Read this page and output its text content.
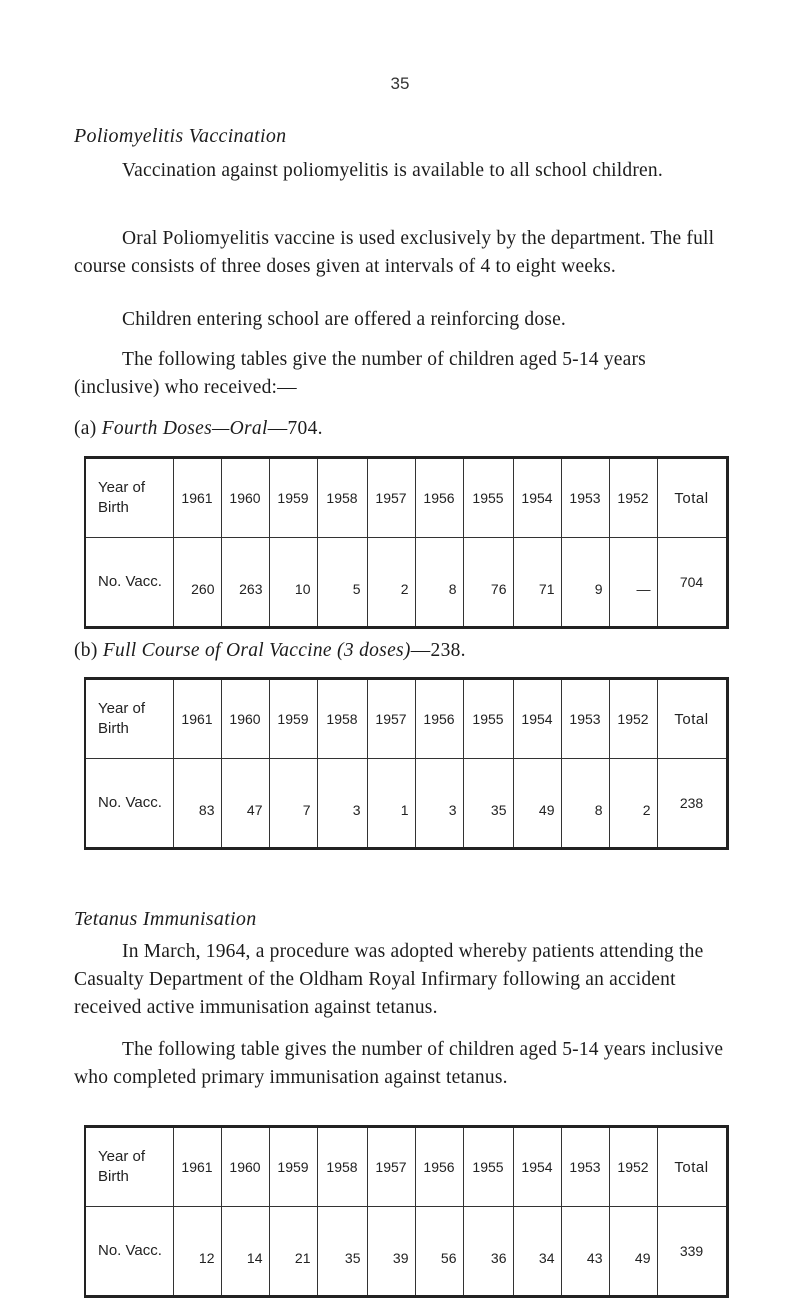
35
Poliomyelitis Vaccination

Vaccination against poliomyelitis is available to all school children.

Oral Poliomyelitis vaccine is used exclusively by the department. The full course consists of three doses given at intervals of 4 to eight weeks.

Children entering school are offered a reinforcing dose.

The following tables give the number of children aged 5-14 years (inclusive) who received:—

(a) Fourth Doses—Oral—704.
Year of Birth	1961	1960	1959	1958	1957	1956	1955	1954	1953	1952	Total
No. Vacc.	260	263	10	5	2	8	76	71	9	—	704
(b) Full Course of Oral Vaccine (3 doses)—238.
Year of Birth	1961	1960	1959	1958	1957	1956	1955	1954	1953	1952	Total
No. Vacc.	83	47	7	3	1	3	35	49	8	2	238
Tetanus Immunisation

In March, 1964, a procedure was adopted whereby patients attending the Casualty Department of the Oldham Royal Infirmary following an accident received active immunisation against tetanus.

The following table gives the number of children aged 5-14 years inclusive who completed primary immunisation against tetanus.

Year of Birth	1961	1960	1959	1958	1957	1956	1955	1954	1953	1952	Total
No. Vacc.	12	14	21	35	39	56	36	34	43	49	339
